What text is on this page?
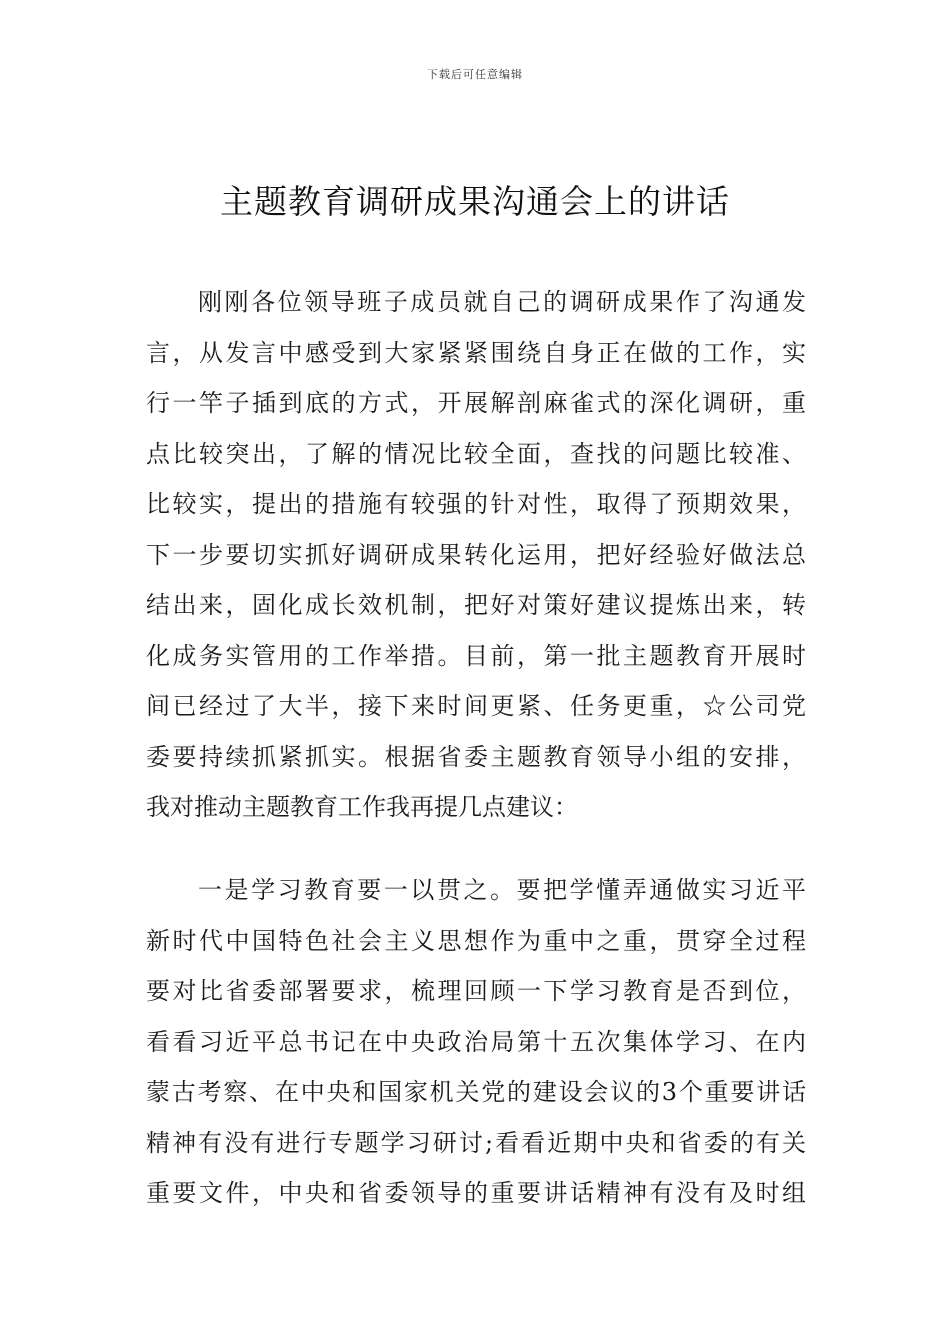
下载后可任意编辑
主题教育调研成果沟通会上的讲话
刚刚各位领导班子成员就自己的调研成果作了沟通发
言，从发言中感受到大家紧紧围绕自身正在做的工作，实
行一竿子插到底的方式，开展解剖麻雀式的深化调研，重
点比较突出，了解的情况比较全面，查找的问题比较准、
比较实，提出的措施有较强的针对性，取得了预期效果，
下一步要切实抓好调研成果转化运用，把好经验好做法总
结出来，固化成长效机制，把好对策好建议提炼出来，转
化成务实管用的工作举措。目前，第一批主题教育开展时
间已经过了大半，接下来时间更紧、任务更重，☆公司党
委要持续抓紧抓实。根据省委主题教育领导小组的安排，
我对推动主题教育工作我再提几点建议：
一是学习教育要一以贯之。要把学懂弄通做实习近平
新时代中国特色社会主义思想作为重中之重，贯穿全过程
要对比省委部署要求，梳理回顾一下学习教育是否到位，
看看习近平总书记在中央政治局第十五次集体学习、在内
蒙古考察、在中央和国家机关党的建设会议的3个重要讲话
精神有没有进行专题学习研讨;看看近期中央和省委的有关
重要文件，中央和省委领导的重要讲话精神有没有及时组
